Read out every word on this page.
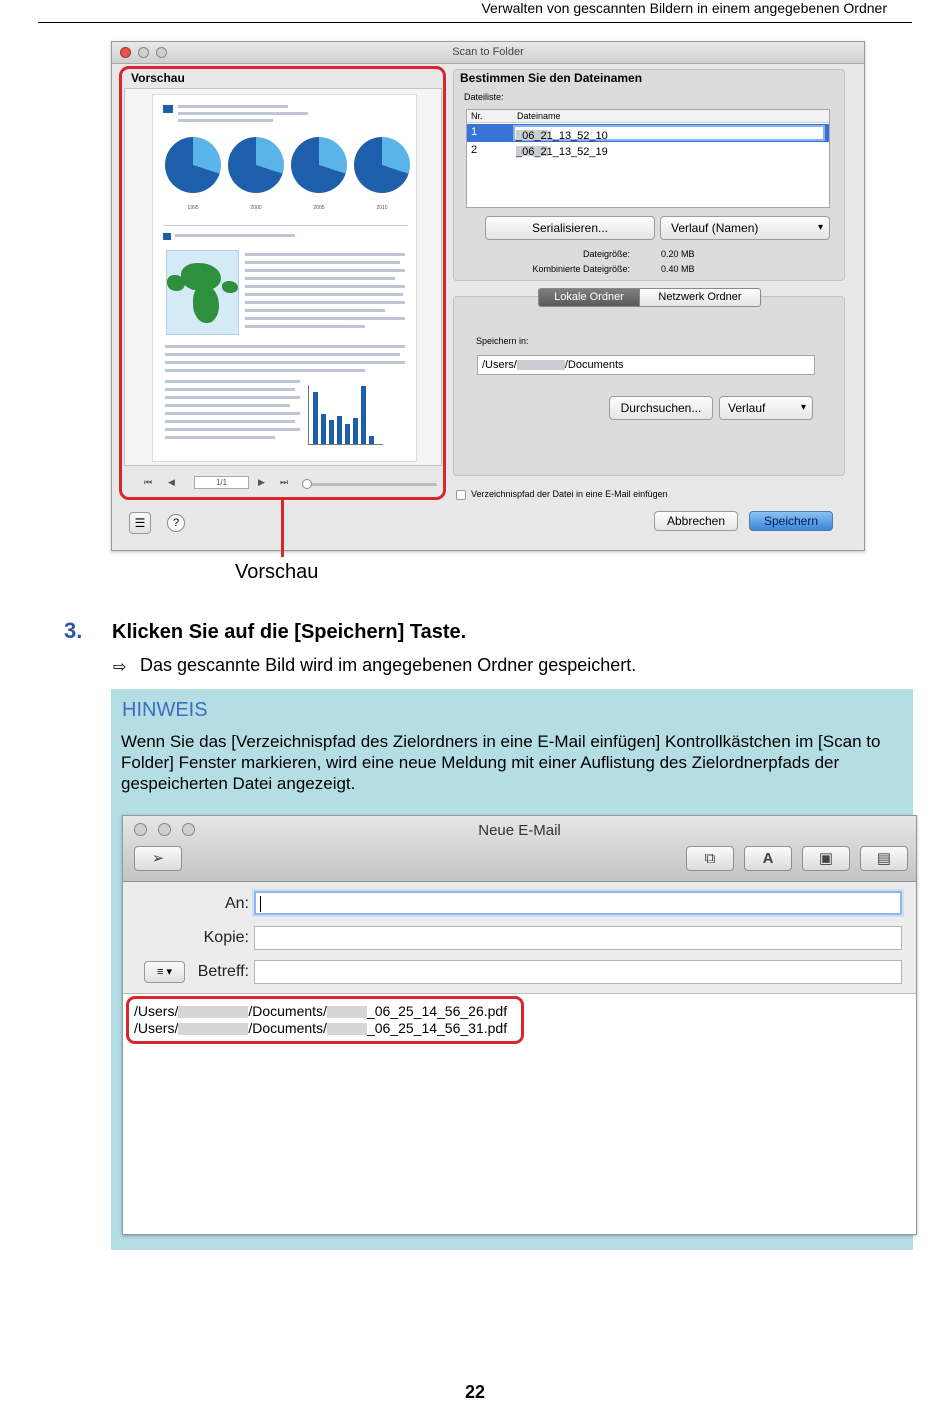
Verwalten von gescannten Bildern in einem angegebenen Ordner
Scan to Folder
Vorschau
1995	2000	2005	2010
⏮ ◀	1/1	▶ ⏭
Bestimmen Sie den Dateinamen
Dateiliste:
Nr.	Dateiname
1	_06_21_13_52_10
2	_06_21_13_52_19
Serialisieren...	Verlauf (Namen) ▾
Dateigröße:	0.20 MB
Kombinierte Dateigröße:	0.40 MB
Lokale Ordner	Netzwerk Ordner
Speichern in:
/Users/	/Documents
Durchsuchen...	Verlauf ▾
Verzeichnispfad der Datei in eine E-Mail einfügen
☰	?	Abbrechen	Speichern
Vorschau
3. Klicken Sie auf die [Speichern] Taste.
⇨ Das gescannte Bild wird im angegebenen Ordner gespeichert.
HINWEIS
Wenn Sie das [Verzeichnispfad des Zielordners in eine E-Mail einfügen] Kontrollkästchen im [Scan to Folder] Fenster markieren, wird eine neue Meldung mit einer Auflistung des Zielordnerpfads der gespeicherten Datei angezeigt.
Neue E-Mail
➢	⧉	A	▣	▤
An:
Kopie:
≡ ▾	Betreff:
/Users/	/Documents/	_06_25_14_56_26.pdf
/Users/	/Documents/	_06_25_14_56_31.pdf
22
